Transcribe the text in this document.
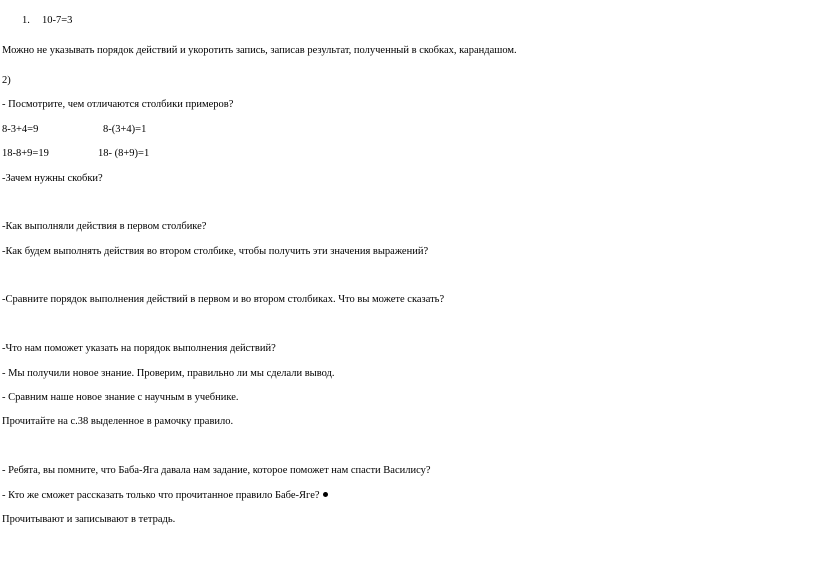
1. 10-7=3
Можно не указывать порядок действий и укоротить запись, записав результат, полученный в скобках, карандашом.
2)
- Посмотрите, чем отличаются столбики примеров?
8-3+4=9	8-(3+4)=1
18-8+9=19	18- (8+9)=1
-Зачем нужны скобки?
-Как выполняли действия в первом столбике?
-Как будем выполнять действия во втором столбике, чтобы получить эти значения выражений?
-Сравните порядок выполнения действий в первом и во втором столбиках. Что вы можете сказать?
-Что нам поможет указать на порядок выполнения действий?
- Мы получили новое знание. Проверим, правильно ли мы сделали вывод.
- Сравним наше новое знание с научным в учебнике.
Прочитайте на с.38 выделенное в рамочку правило.
- Ребята, вы помните, что Баба-Яга давала нам задание, которое поможет нам спасти Василису?
- Кто же сможет рассказать только что прочитанное правило Бабе-Яге?
Прочитывают и записывают в тетрадь.
